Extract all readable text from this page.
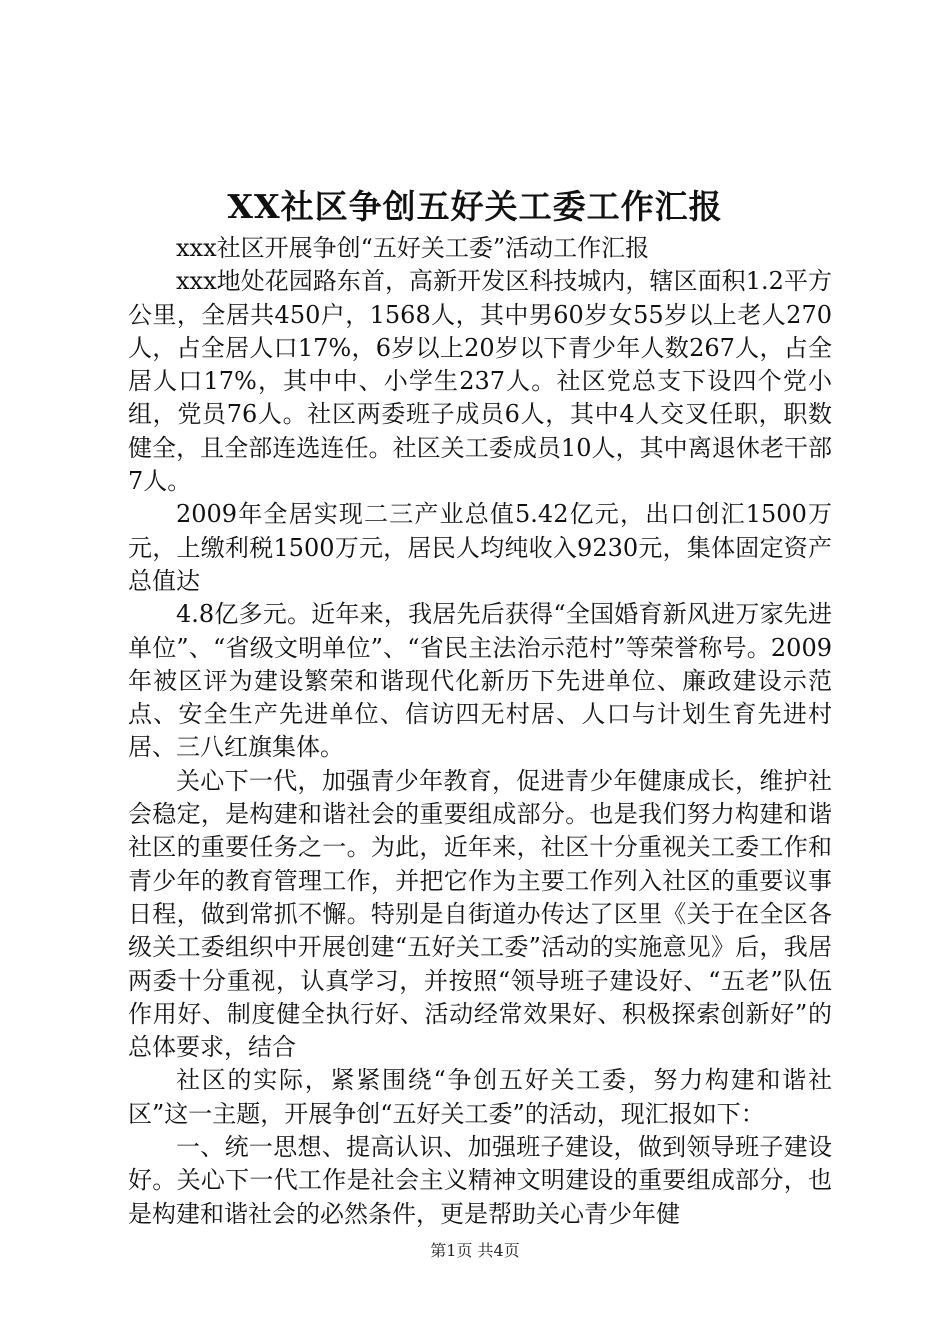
XX社区争创五好关工委工作汇报

xxx社区开展争创“五好关工委”活动工作汇报

xxx地处花园路东首，高新开发区科技城内，辖区面积1.2平方公里，全居共450户，1568人，其中男60岁女55岁以上老人270人，占全居人口17%，6岁以上20岁以下青少年人数267人，占全居人口17%，其中中、小学生237人。社区党总支下设四个党小组，党员76人。社区两委班子成员6人，其中4人交叉任职，职数健全，且全部连选连任。社区关工委成员10人，其中离退休老干部7人。

2009年全居实现二三产业总值5.42亿元，出口创汇1500万元，上缴利税1500万元，居民人均纯收入9230元，集体固定资产总值达

4.8亿多元。近年来，我居先后获得“全国婚育新风进万家先进单位”、“省级文明单位”、“省民主法治示范村”等荣誉称号。2009年被区评为建设繁荣和谐现代化新历下先进单位、廉政建设示范点、安全生产先进单位、信访四无村居、人口与计划生育先进村居、三八红旗集体。

关心下一代，加强青少年教育，促进青少年健康成长，维护社会稳定，是构建和谐社会的重要组成部分。也是我们努力构建和谐社区的重要任务之一。为此，近年来，社区十分重视关工委工作和青少年的教育管理工作，并把它作为主要工作列入社区的重要议事日程，做到常抓不懈。特别是自街道办传达了区里《关于在全区各级关工委组织中开展创建“五好关工委”活动的实施意见》后，我居两委十分重视，认真学习，并按照“领导班子建设好、“五老”队伍作用好、制度健全执行好、活动经常效果好、积极探索创新好”的总体要求，结合

社区的实际，紧紧围绕“争创五好关工委，努力构建和谐社区”这一主题，开展争创“五好关工委”的活动，现汇报如下：

一、统一思想、提高认识、加强班子建设，做到领导班子建设好。关心下一代工作是社会主义精神文明建设的重要组成部分，也是构建和谐社会的必然条件，更是帮助关心青少年健

第1页 共4页
